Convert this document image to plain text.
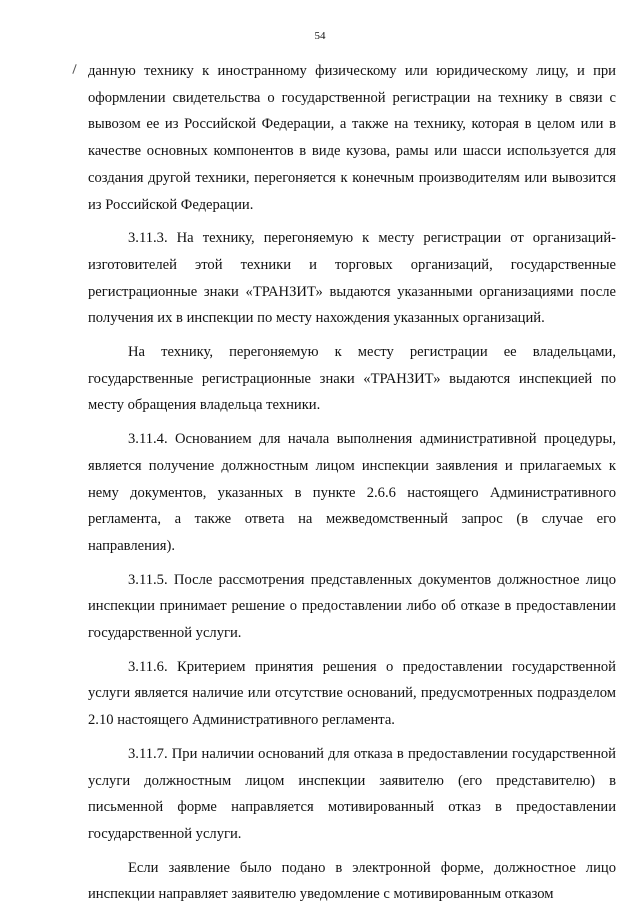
54

данную технику к иностранному физическому или юридическому лицу, и при оформлении свидетельства о государственной регистрации на технику в связи с вывозом ее из Российской Федерации, а также на технику, которая в целом или в качестве основных компонентов в виде кузова, рамы или шасси используется для создания другой техники, перегоняется к конечным производителям или вывозится из Российской Федерации.

3.11.3. На технику, перегоняемую к месту регистрации от организаций-изготовителей этой техники и торговых организаций, государственные регистрационные знаки «ТРАНЗИТ» выдаются указанными организациями после получения их в инспекции по месту нахождения указанных организаций.

На технику, перегоняемую к месту регистрации ее владельцами, государственные регистрационные знаки «ТРАНЗИТ» выдаются инспекцией по месту обращения владельца техники.

3.11.4. Основанием для начала выполнения административной процедуры, является получение должностным лицом инспекции заявления и прилагаемых к нему документов, указанных в пункте 2.6.6 настоящего Административного регламента, а также ответа на межведомственный запрос (в случае его направления).

3.11.5. После рассмотрения представленных документов должностное лицо инспекции принимает решение о предоставлении либо об отказе в предоставлении государственной услуги.

3.11.6. Критерием принятия решения о предоставлении государственной услуги является наличие или отсутствие оснований, предусмотренных подразделом 2.10 настоящего Административного регламента.

3.11.7. При наличии оснований для отказа в предоставлении государственной услуги должностным лицом инспекции заявителю (его представителю) в письменной форме направляется мотивированный отказ в предоставлении государственной услуги.

Если заявление было подано в электронной форме, должностное лицо инспекции направляет заявителю уведомление с мотивированным отказом
